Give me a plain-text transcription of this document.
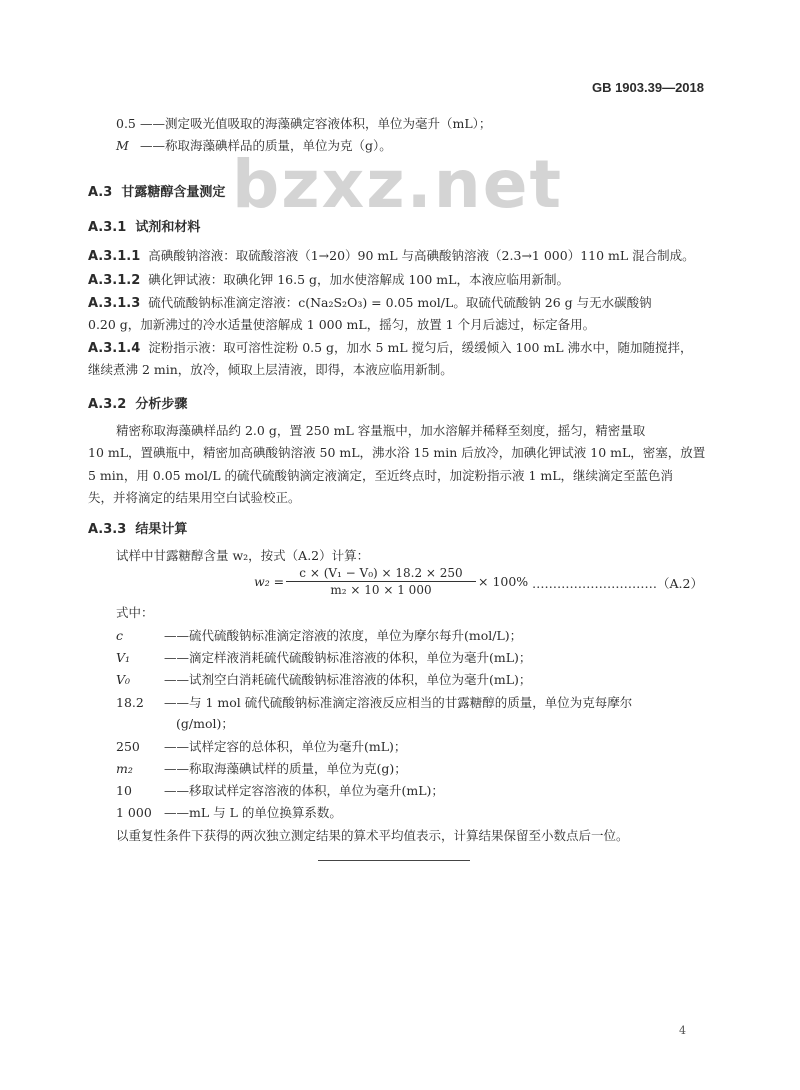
GB 1903.39—2018
bzxz.net
0.5 ——测定吸光值吸取的海藻碘定容液体积，单位为毫升（mL）；
M ——称取海藻碘样品的质量，单位为克（g）。
A.3 甘露糖醇含量测定
A.3.1 试剂和材料
A.3.1.1 高碘酸钠溶液：取硫酸溶液（1→20）90 mL 与高碘酸钠溶液（2.3→1 000）110 mL 混合制成。
A.3.1.2 碘化钾试液：取碘化钾 16.5 g，加水使溶解成 100 mL，本液应临用新制。
A.3.1.3 硫代硫酸钠标准滴定溶液：c(Na₂S₂O₃) = 0.05 mol/L。取硫代硫酸钠 26 g 与无水碳酸钠
0.20 g，加新沸过的冷水适量使溶解成 1 000 mL，摇匀，放置 1 个月后滤过，标定备用。
A.3.1.4 淀粉指示液：取可溶性淀粉 0.5 g，加水 5 mL 搅匀后，缓缓倾入 100 mL 沸水中，随加随搅拌，
继续煮沸 2 min，放冷，倾取上层清液，即得，本液应临用新制。
A.3.2 分析步骤
精密称取海藻碘样品约 2.0 g，置 250 mL 容量瓶中，加水溶解并稀释至刻度，摇匀，精密量取
10 mL，置碘瓶中，精密加高碘酸钠溶液 50 mL，沸水浴 15 min 后放冷，加碘化钾试液 10 mL，密塞，放置
5 min，用 0.05 mol/L 的硫代硫酸钠滴定液滴定，至近终点时，加淀粉指示液 1 mL，继续滴定至蓝色消
失，并将滴定的结果用空白试验校正。
A.3.3 结果计算
试样中甘露糖醇含量 w₂，按式（A.2）计算：
$w_2 = \frac{\text{c × (V₁ − V₀) × 18.2 × 250}}{\text{m₂ × 10 × 1 000}} \times 100\%$ …………………………（A.2）
式中：
c	——硫代硫酸钠标准滴定溶液的浓度，单位为摩尔每升(mol/L)；
V₁	——滴定样液消耗硫代硫酸钠标准溶液的体积，单位为毫升(mL)；
V₀	——试剂空白消耗硫代硫酸钠标准溶液的体积，单位为毫升(mL)；
18.2 ——与 1 mol 硫代硫酸钠标准滴定溶液反应相当的甘露糖醇的质量，单位为克每摩尔
(g/mol)；
250 ——试样定容的总体积，单位为毫升(mL)；
m₂ ——称取海藻碘试样的质量，单位为克(g)；
10	——移取试样定容溶液的体积，单位为毫升(mL)；
1 000 ——mL 与 L 的单位换算系数。
以重复性条件下获得的两次独立测定结果的算术平均值表示，计算结果保留至小数点后一位。
4
